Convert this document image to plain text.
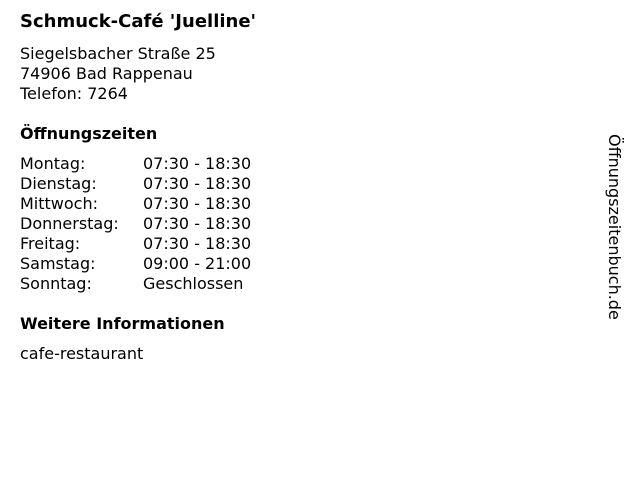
Schmuck-Café 'Juelline'
Siegelsbacher Straße 25
74906 Bad Rappenau
Telefon: 7264
Öffnungszeiten
Montag:	07:30 - 18:30
Dienstag:	07:30 - 18:30
Mittwoch:	07:30 - 18:30
Donnerstag:	07:30 - 18:30
Freitag:	07:30 - 18:30
Samstag:	09:00 - 21:00
Sonntag:	Geschlossen
Weitere Informationen
cafe-restaurant
Öffnungszeitenbuch.de
